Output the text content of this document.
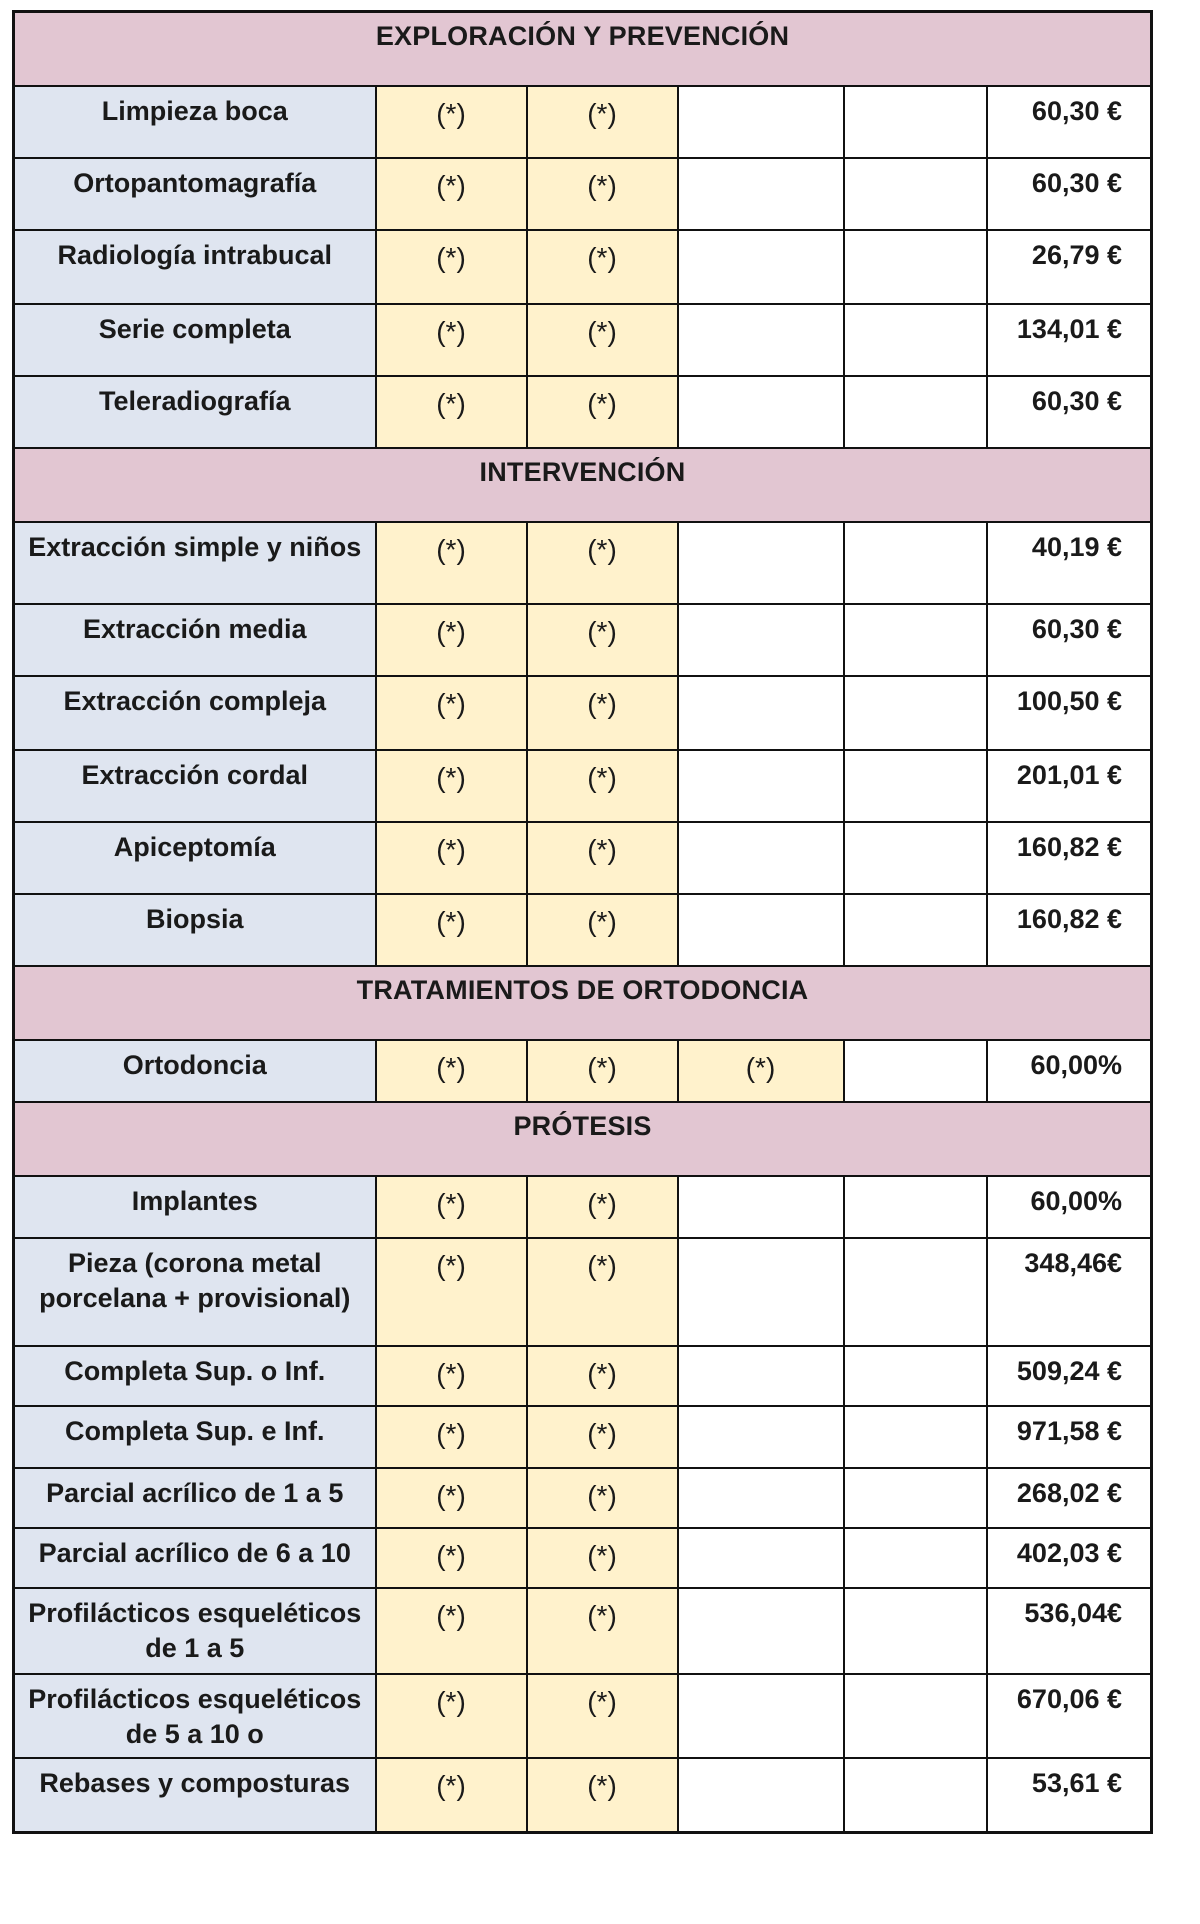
EXPLORACIÓN Y PREVENCIÓN					
Limpieza boca	(*)	(*)			60,30 €
Ortopantomagrafía	(*)	(*)			60,30 €
Radiología intrabucal	(*)	(*)			26,79 €
Serie completa	(*)	(*)			134,01 €
Teleradiografía	(*)	(*)			60,30 €
INTERVENCIÓN					
Extracción simple y niños	(*)	(*)			40,19 €
Extracción media	(*)	(*)			60,30 €
Extracción compleja	(*)	(*)			100,50 €
Extracción cordal	(*)	(*)			201,01 €
Apiceptomía	(*)	(*)			160,82 €
Biopsia	(*)	(*)			160,82 €
TRATAMIENTOS DE ORTODONCIA					
Ortodoncia	(*)	(*)	(*)		60,00%
PRÓTESIS					
Implantes	(*)	(*)			60,00%
Pieza (corona metal porcelana + provisional)	(*)	(*)			348,46€
Completa Sup. o Inf.	(*)	(*)			509,24 €
Completa Sup. e Inf.	(*)	(*)			971,58 €
Parcial acrílico de 1 a 5	(*)	(*)			268,02 €
Parcial acrílico de 6 a 10	(*)	(*)			402,03 €
Profilácticos esqueléticos de 1 a 5	(*)	(*)			536,04€
Profilácticos esqueléticos de 5 a 10 o	(*)	(*)			670,06 €
Rebases y composturas	(*)	(*)			53,61 €
